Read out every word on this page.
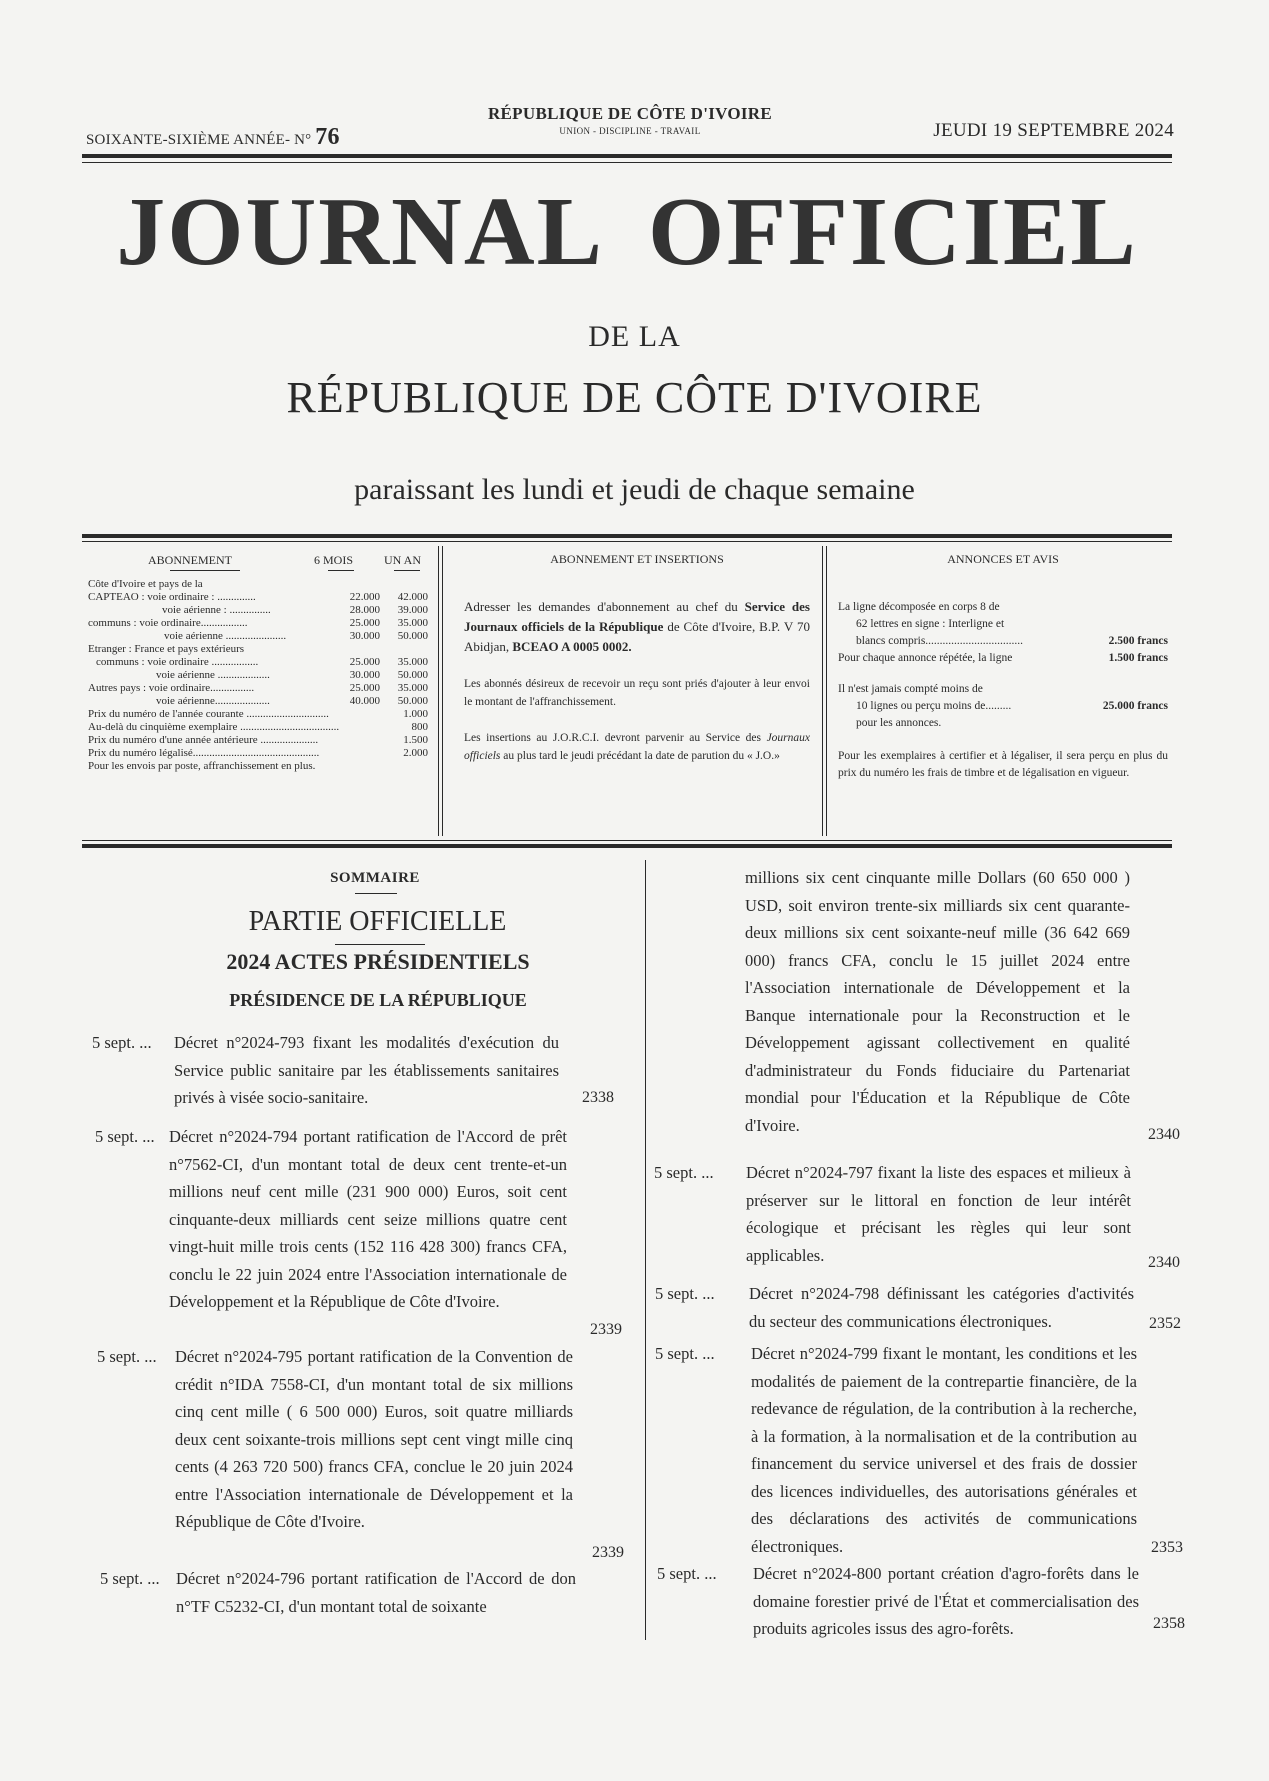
SOIXANTE-SIXIÈME ANNÉE- N° 76
RÉPUBLIQUE DE CÔTE D'IVOIRE
UNION - DISCIPLINE - TRAVAIL	JEUDI 19 SEPTEMBRE 2024
JOURNAL OFFICIEL
DE LA
RÉPUBLIQUE DE CÔTE D'IVOIRE
paraissant les lundi et jeudi de chaque semaine
ABONNEMENT	6 MOIS	UN AN
Côte d'Ivoire et pays de la
CAPTEAO : voie ordinaire : ..............	22.000	42.000
voie aérienne : ...............	28.000	39.000
communs : voie ordinaire.................	25.000	35.000
voie aérienne ......................	30.000	50.000
Etranger : France et pays extérieurs
communs : voie ordinaire .................	25.000	35.000
voie aérienne ...................	30.000	50.000
Autres pays : voie ordinaire................	25.000	35.000
voie aérienne....................	40.000	50.000
Prix du numéro de l'année courante ..............................	1.000
Au-delà du cinquième exemplaire ....................................	800
Prix du numéro d'une année antérieure .....................	1.500
Prix du numéro légalisé..............................................	2.000
Pour les envois par poste, affranchissement en plus.
ABONNEMENT ET INSERTIONS

Adresser les demandes d'abonnement au chef du Service des Journaux officiels de la République de Côte d'Ivoire, B.P. V 70 Abidjan, BCEAO A 0005 0002.

Les abonnés désireux de recevoir un reçu sont priés d'ajouter à leur envoi le montant de l'affranchissement.

Les insertions au J.O.R.C.I. devront parvenir au Service des Journaux officiels au plus tard le jeudi précédant la date de parution du « J.O.»

ANNONCES ET AVIS
La ligne décomposée en corps 8 de
62 lettres en signe : Interligne et
blancs compris..................................	2.500 francs
Pour chaque annonce répétée, la ligne	1.500 francs
Il n'est jamais compté moins de
10 lignes ou perçu moins de.........	25.000 francs
pour les annonces.
Pour les exemplaires à certifier et à légaliser, il sera perçu en plus du prix du numéro les frais de timbre et de légalisation en vigueur.
SOMMAIRE
PARTIE OFFICIELLE
2024 ACTES PRÉSIDENTIELS
PRÉSIDENCE DE LA RÉPUBLIQUE
5 sept. ... Décret n°2024-793 fixant les modalités d'exécution du Service public sanitaire par les établissements sanitaires privés à visée socio-sanitaire.	2338
5 sept. ... Décret n°2024-794 portant ratification de l'Accord de prêt n°7562-CI, d'un montant total de deux cent trente-et-un millions neuf cent mille (231 900 000) Euros, soit cent cinquante-deux milliards cent seize millions quatre cent vingt-huit mille trois cents (152 116 428 300) francs CFA, conclu le 22 juin 2024 entre l'Association internationale de Développement et la République de Côte d'Ivoire.
2339
5 sept. ... Décret n°2024-795 portant ratification de la Convention de crédit n°IDA 7558-CI, d'un montant total de six millions cinq cent mille ( 6 500 000) Euros, soit quatre milliards deux cent soixante-trois millions sept cent vingt mille cinq cents (4 263 720 500) francs CFA, conclue le 20 juin 2024 entre l'Association internationale de Développement et la République de Côte d'Ivoire.
2339
5 sept. ... Décret n°2024-796 portant ratification de l'Accord de don n°TF C5232-CI, d'un montant total de soixante
millions six cent cinquante mille Dollars (60 650 000 ) USD, soit environ trente-six milliards six cent quarante-deux millions six cent soixante-neuf mille (36 642 669 000) francs CFA, conclu le 15 juillet 2024 entre l'Association internationale de Développement et la Banque internationale pour la Reconstruction et le Développement agissant collectivement en qualité d'administrateur du Fonds fiduciaire du Partenariat mondial pour l'Éducation et la République de Côte d'Ivoire.	2340
5 sept. ... Décret n°2024-797 fixant la liste des espaces et milieux à préserver sur le littoral en fonction de leur intérêt écologique et précisant les règles qui leur sont applicables.	2340
5 sept. ... Décret n°2024-798 définissant les catégories d'activités du secteur des communications électroniques.	2352
5 sept. ... Décret n°2024-799 fixant le montant, les conditions et les modalités de paiement de la contrepartie financière, de la redevance de régulation, de la contribution à la recherche, à la formation, à la normalisation et de la contribution au financement du service universel et des frais de dossier des licences individuelles, des autorisations générales et des déclarations des activités de communications électroniques.	2353
5 sept. ... Décret n°2024-800 portant création d'agro-forêts dans le domaine forestier privé de l'État et commercialisation des produits agricoles issus des agro-forêts.	2358
